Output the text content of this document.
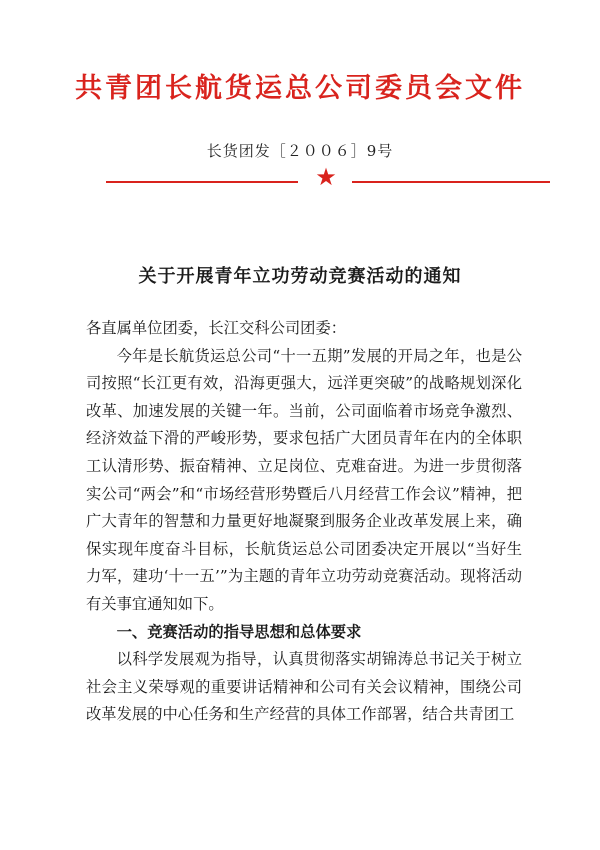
共青团长航货运总公司委员会文件
长货团发［２００６］9号
★
关于开展青年立功劳动竞赛活动的通知

各直属单位团委，长江交科公司团委：

今年是长航货运总公司“十一五期”发展的开局之年，也是公司按照“长江更有效，沿海更强大，远洋更突破”的战略规划深化改革、加速发展的关键一年。当前，公司面临着市场竞争激烈、经济效益下滑的严峻形势，要求包括广大团员青年在内的全体职工认清形势、振奋精神、立足岗位、克难奋进。为进一步贯彻落实公司“两会”和“市场经营形势暨后八月经营工作会议”精神，把广大青年的智慧和力量更好地凝聚到服务企业改革发展上来，确保实现年度奋斗目标，长航货运总公司团委决定开展以“当好生力军，建功‘十一五’”为主题的青年立功劳动竞赛活动。现将活动有关事宜通知如下。

一、竞赛活动的指导思想和总体要求

以科学发展观为指导，认真贯彻落实胡锦涛总书记关于树立社会主义荣辱观的重要讲话精神和公司有关会议精神，围绕公司改革发展的中心任务和生产经营的具体工作部署，结合共青团工
